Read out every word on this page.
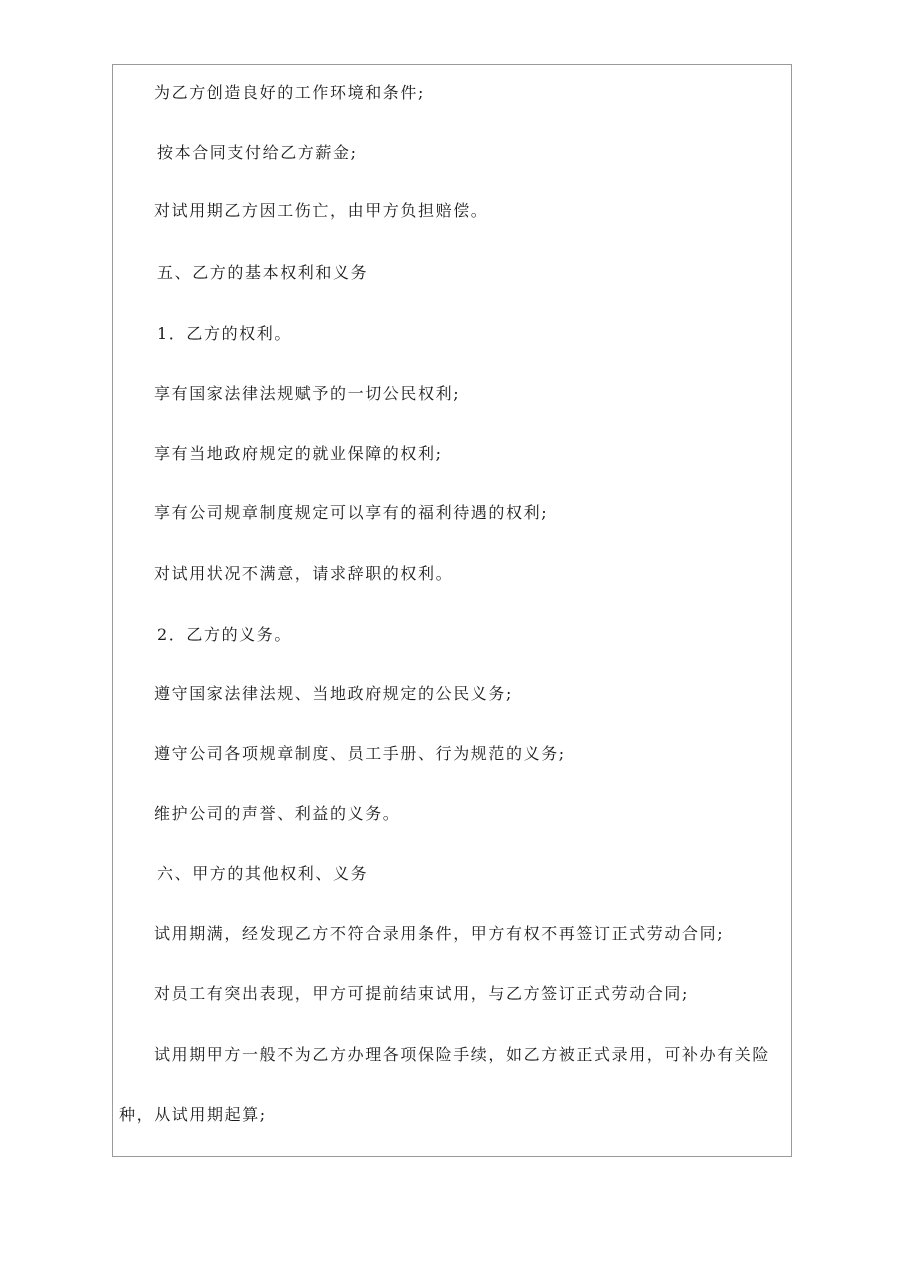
为乙方创造良好的工作环境和条件;
按本合同支付给乙方薪金;
对试用期乙方因工伤亡，由甲方负担赔偿。
五、乙方的基本权利和义务
1．乙方的权利。
享有国家法律法规赋予的一切公民权利;
享有当地政府规定的就业保障的权利;
享有公司规章制度规定可以享有的福利待遇的权利;
对试用状况不满意，请求辞职的权利。
2．乙方的义务。
遵守国家法律法规、当地政府规定的公民义务;
遵守公司各项规章制度、员工手册、行为规范的义务;
维护公司的声誉、利益的义务。
六、甲方的其他权利、义务
试用期满，经发现乙方不符合录用条件，甲方有权不再签订正式劳动合同;
对员工有突出表现，甲方可提前结束试用，与乙方签订正式劳动合同;
试用期甲方一般不为乙方办理各项保险手续，如乙方被正式录用，可补办有关险
种，从试用期起算;
